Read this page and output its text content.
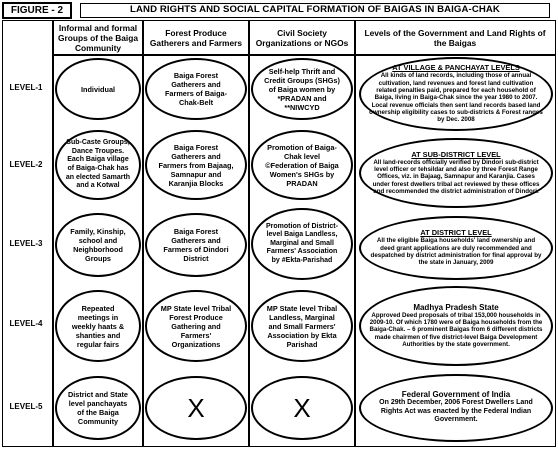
FIGURE - 2	LAND RIGHTS AND SOCIAL CAPITAL FORMATION OF BAIGAS IN BAIGA-CHAK
Informal and formal Groups of the Baiga Community
Forest Produce Gatherers and Farmers
Civil Society Organizations or NGOs
Levels of the Government and Land Rights of the Baigas
LEVEL-1
LEVEL-2
LEVEL-3
LEVEL-4
LEVEL-5
Individual
Sub-Caste Groups, Dance Troupes. Each Baiga village of Baiga-Chak has an elected Samarth and a Kotwal
Family, Kinship, school and Neighborhood Groups
Repeated meetings in weekly haats & shanties and regular fairs
District and State level panchayats of the Baiga Community
Baiga Forest Gatherers and Farmers of Baiga-Chak-Belt
Baiga Forest Gatherers and Farmers from Bajaag, Samnapur and Karanjia Blocks
Baiga Forest Gatherers and Farmers of Dindori District
MP State level Tribal Forest Produce Gathering and Farmers' Organizations
X
Self-help Thrift and Credit Groups (SHGs) of Baiga women by *PRADAN and **NIWCYD
Promotion of Baiga-Chak level ©Federation of Baiga Women's SHGs by PRADAN
Promotion of District-level Baiga Landless, Marginal and Small Farmers' Association by #Ekta-Parishad
MP State level Tribal Landless, Marginal and Small Farmers' Association by Ekta Parishad
X
AT VILLAGE & PANCHAYAT LEVELS
All kinds of land records, including those of annual cultivation, land revenues and forest land cultivation related penalties paid, prepared for each household of Baiga, living in Baiga-Chak since the year 1980 to 2007. Local revenue officials then sent land records based land ownership eligibility cases to sub-districts & Forest ranges by Dec. 2008
AT SUB-DISTRICT LEVEL
All land-records officially verified by Dindori sub-district level officer or tehsildar and also by three Forest Range Offices, viz. in Bajaag, Samnapur and Karanjia. Cases under forest dwellers tribal act reviewed by these offices and recommended the district administration of Dindori.
AT DISTRICT LEVEL
All the eligible Baiga households' land ownership and deed grant applications are duly recommended and despatched by district administration for final approval by the state in January, 2009
Madhya Pradesh State
Approved Deed proposals of tribal 153,000 households in 2009-10. Of which 1780 were of Baiga households from the Baiga-Chak. – 6 prominent Baigas from 6 different districts made chairmen of five district-level Baiga Development Authorities by the state government.
Federal Government of India
On 29th December, 2006 Forest Dwellers Land Rights Act was enacted by the Federal Indian Government.
